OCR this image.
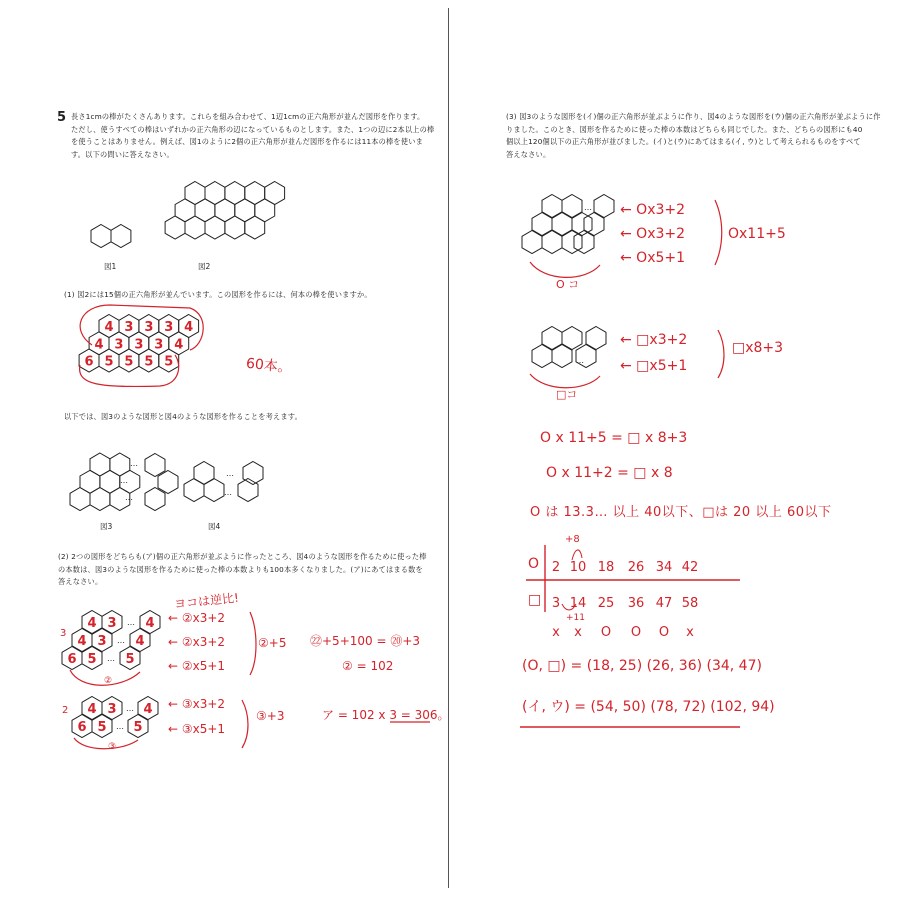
5 長さ1cmの棒がたくさんあります。これらを組み合わせて、1辺1cmの正六角形が並んだ図形を作ります。
ただし、使うすべての棒はいずれかの正六角形の辺になっているものとします。また、1つの辺に2本以上の棒
を使うことはありません。例えば、図1のように2個の正六角形が並んだ図形を作るには11本の棒を使いま
す。以下の問いに答えなさい。
図1	図2
(1) 図2には15個の正六角形が並んでいます。この図形を作るには、何本の棒を使いますか。
60本。
以下では、図3のような図形と図4のような図形を作ることを考えます。
図3	図4
(2) 2つの図形をどちらも(ア)個の正六角形が並ぶように作ったところ、図4のような図形を作るために使った棒
の本数は、図3のような図形を作るために使った棒の本数よりも100本多くなりました。(ア)にあてはまる数を
答えなさい。
ヨコは逆比!
3
← ②x3+2
← ②x3+2
← ②x5+1
②+5
②
2	← ③x3+2
← ③x5+1
③+3
③
㉒+5+100 = ⑳+3
② = 102
ア = 102 x 3 = 306。
(3) 図3のような図形を(イ)個の正六角形が並ぶように作り、図4のような図形を(ウ)個の正六角形が並ぶように作
りました。このとき、図形を作るために使った棒の本数はどちらも同じでした。また、どちらの図形にも40
個以上120個以下の正六角形が並びました。(イ)と(ウ)にあてはまる(イ, ウ)として考えられるものをすべて
答えなさい。
← Ox3+2
← Ox3+2
← Ox5+1
Ox11+5
O コ
← □x3+2
← □x5+1
□x8+3
□コ
O x 11+5 = □ x 8+3
O x 11+2 = □ x 8
O は 13.3… 以上 40以下、□は 20 以上 60以下
+8
O
□
+11
(O, □) = (18, 25) (26, 36) (34, 47)
(イ, ウ) = (54, 50) (78, 72) (102, 94)
4 3 3 3 4
4 3 3 3 4
6 5 5 5 5
…
…
…
…
…
4 3 4
4 3 4
6 5 5
…
…
…
4 3 4
6 5 5
…
…
…
…
2 10 18 26 34 42
3 14 25 36 47 58
x x O O O x
